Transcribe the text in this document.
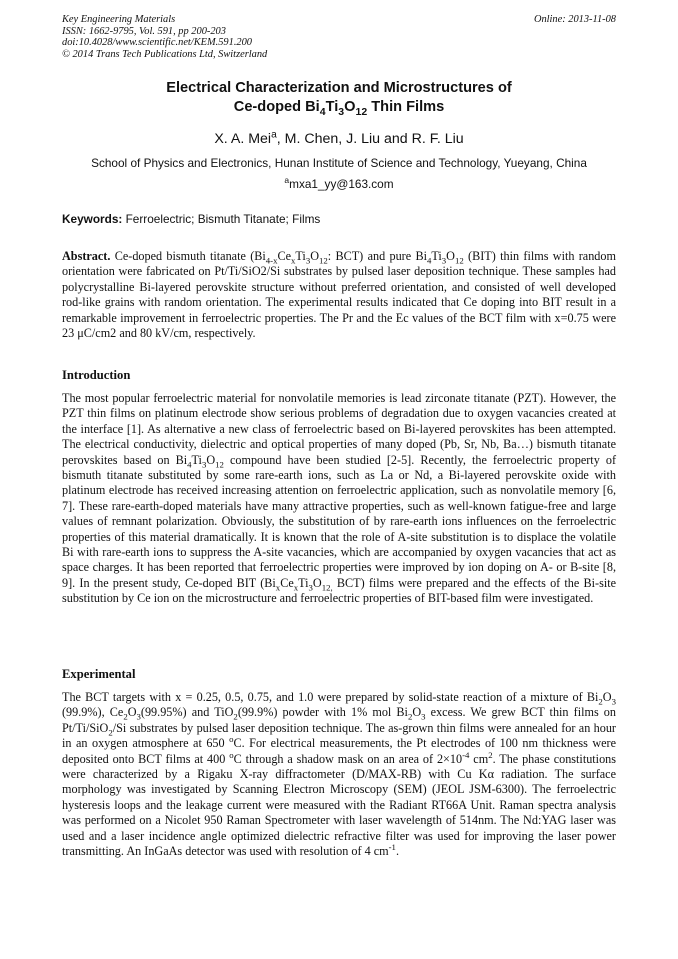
Key Engineering Materials
ISSN: 1662-9795, Vol. 591, pp 200-203
doi:10.4028/www.scientific.net/KEM.591.200
© 2014 Trans Tech Publications Ltd, Switzerland
Online: 2013-11-08
Electrical Characterization and Microstructures of
Ce-doped $Bi_4Ti_3O_{12}$ Thin Films
X. A. Mei$^a$, M. Chen, J. Liu and R. F. Liu
School of Physics and Electronics, Hunan Institute of Science and Technology, Yueyang, China
$^a$mxa1_yy@163.com
Keywords: Ferroelectric; Bismuth Titanate; Films
Abstract. Ce-doped bismuth titanate ($Bi_{4-x}Ce_xTi_3O_{12}$: BCT) and pure $Bi_4Ti_3O_{12}$ (BIT) thin films with random orientation were fabricated on Pt/Ti/SiO2/Si substrates by pulsed laser deposition technique. These samples had polycrystalline Bi-layered perovskite structure without preferred orientation, and consisted of well developed rod-like grains with random orientation. The experimental results indicated that Ce doping into BIT result in a remarkable improvement in ferroelectric properties. The Pr and the Ec values of the BCT film with x=0.75 were 23 μC/cm2 and 80 kV/cm, respectively.
Introduction
The most popular ferroelectric material for nonvolatile memories is lead zirconate titanate (PZT). However, the PZT thin films on platinum electrode show serious problems of degradation due to oxygen vacancies created at the interface [1]. As alternative a new class of ferroelectric based on Bi-layered perovskites has been attempted. The electrical conductivity, dielectric and optical properties of many doped (Pb, Sr, Nb, Ba…) bismuth titanate perovskites based on $Bi_4Ti_3O_{12}$ compound have been studied [2-5]. Recently, the ferroelectric property of bismuth titanate substituted by some rare-earth ions, such as La or Nd, a Bi-layered perovskite oxide with platinum electrode has received increasing attention on ferroelectric application, such as nonvolatile memory [6, 7]. These rare-earth-doped materials have many attractive properties, such as well-known fatigue-free and large values of remnant polarization. Obviously, the substitution of by rare-earth ions influences on the ferroelectric properties of this material dramatically. It is known that the role of A-site substitution is to displace the volatile Bi with rare-earth ions to suppress the A-site vacancies, which are accompanied by oxygen vacancies that act as space charges. It has been reported that ferroelectric properties were improved by ion doping on A- or B-site [8, 9]. In the present study, Ce-doped BIT ($Bi_xCe_xTi_3O_{12,}$ BCT) films were prepared and the effects of the Bi-site substitution by Ce ion on the microstructure and ferroelectric properties of BIT-based film were investigated.
Experimental
The BCT targets with x = 0.25, 0.5, 0.75, and 1.0 were prepared by solid-state reaction of a mixture of $Bi_2O_3$ (99.9%), $Ce_2O_3(99.95\%)$ and TiO$_2$(99.9%) powder with 1% mol $Bi_2O_3$ excess. We grew BCT thin films on Pt/Ti/SiO$_2$/Si substrates by pulsed laser deposition technique. The as-grown thin films were annealed for an hour in an oxygen atmosphere at 650 $^o$C. For electrical measurements, the Pt electrodes of 100 nm thickness were deposited onto BCT films at 400 $^o$C through a shadow mask on an area of $2\times 10^{-4}$ $cm^2$. The phase constitutions were characterized by a Rigaku X-ray diffractometer (D/MAX-RB) with Cu Kα radiation. The surface morphology was investigated by Scanning Electron Microscopy (SEM) (JEOL JSM-6300). The ferroelectric hysteresis loops and the leakage current were measured with the Radiant RT66A Unit. Raman spectra analysis was performed on a Nicolet 950 Raman Spectrometer with laser wavelength of 514nm. The Nd:YAG laser was used and a laser incidence angle optimized dielectric refractive filter was used for improving the laser power transmitting. An InGaAs detector was used with resolution of 4 $cm^{-1}$.
